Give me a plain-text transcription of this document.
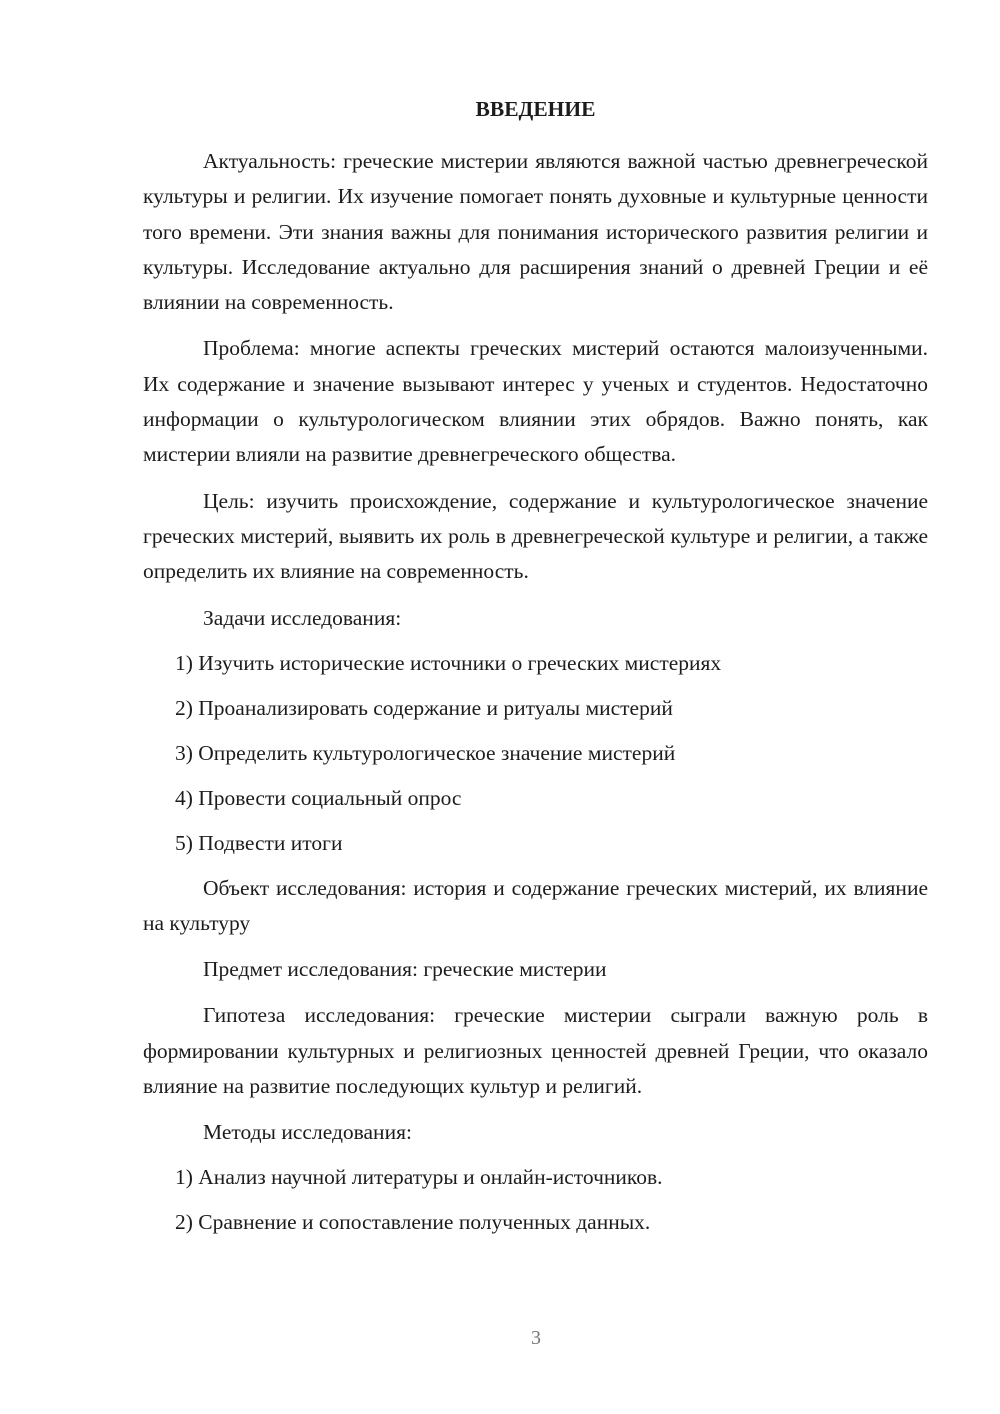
ВВЕДЕНИЕ

Актуальность: греческие мистерии являются важной частью древнегреческой культуры и религии. Их изучение помогает понять духовные и культурные ценности того времени. Эти знания важны для понимания исторического развития религии и культуры. Исследование актуально для расширения знаний о древней Греции и её влиянии на современность.

Проблема: многие аспекты греческих мистерий остаются малоизученными. Их содержание и значение вызывают интерес у ученых и студентов. Недостаточно информации о культурологическом влиянии этих обрядов. Важно понять, как мистерии влияли на развитие древнегреческого общества.

Цель: изучить происхождение, содержание и культурологическое значение греческих мистерий, выявить их роль в древнегреческой культуре и религии, а также определить их влияние на современность.

Задачи исследования:
1) Изучить исторические источники о греческих мистериях
2) Проанализировать содержание и ритуалы мистерий
3) Определить культурологическое значение мистерий
4) Провести социальный опрос
5) Подвести итоги

Объект исследования: история и содержание греческих мистерий, их влияние на культуру

Предмет исследования: греческие мистерии

Гипотеза исследования: греческие мистерии сыграли важную роль в формировании культурных и религиозных ценностей древней Греции, что оказало влияние на развитие последующих культур и религий.

Методы исследования:
1) Анализ научной литературы и онлайн-источников.
2) Сравнение и сопоставление полученных данных.
3
